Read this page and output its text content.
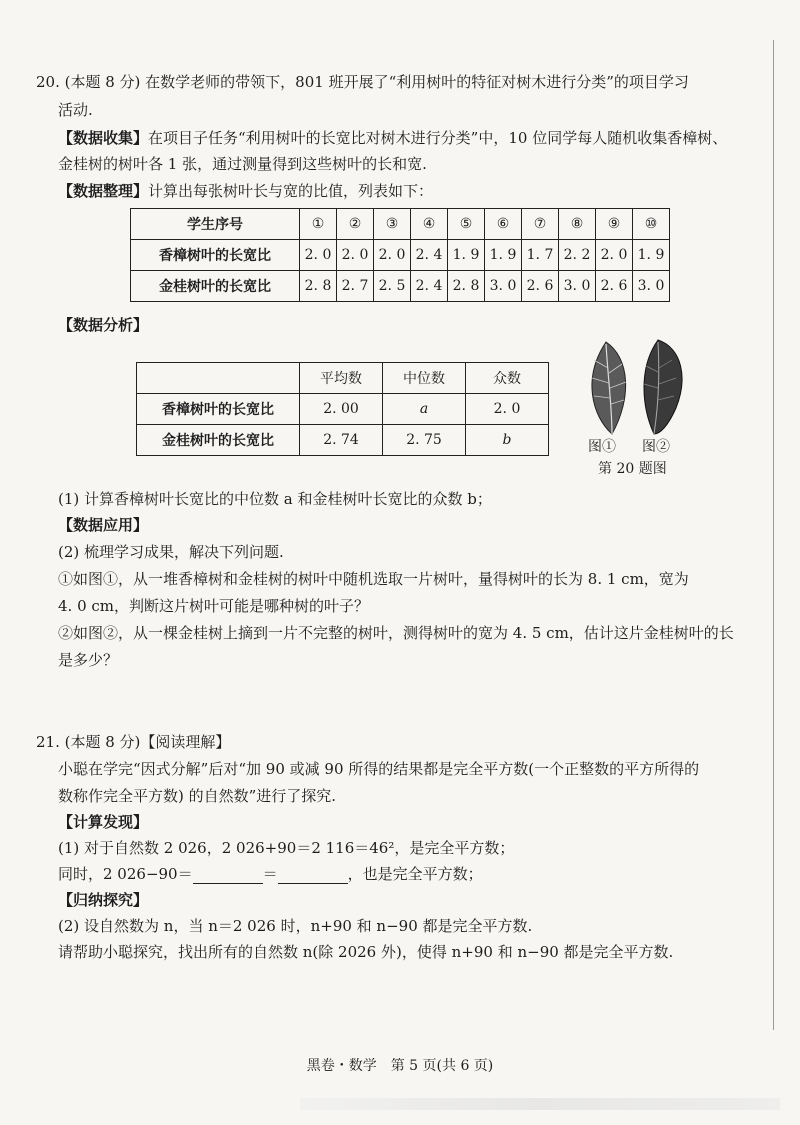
20. (本题 8 分) 在数学老师的带领下，801 班开展了“利用树叶的特征对树木进行分类”的项目学习
活动.
【数据收集】在项目子任务“利用树叶的长宽比对树木进行分类”中，10 位同学每人随机收集香樟树、
金桂树的树叶各 1 张，通过测量得到这些树叶的长和宽.
【数据整理】计算出每张树叶长与宽的比值，列表如下：
学生序号	①	②	③	④	⑤	⑥	⑦	⑧	⑨	⑩
香樟树叶的长宽比	2. 0	2. 0	2. 0	2. 4	1. 9	1. 9	1. 7	2. 2	2. 0	1. 9
金桂树叶的长宽比	2. 8	2. 7	2. 5	2. 4	2. 8	3. 0	2. 6	3. 0	2. 6	3. 0
【数据分析】
	平均数	中位数	众数
香樟树叶的长宽比	2. 00	a	2. 0
金桂树叶的长宽比	2. 74	2. 75	b	图① 图②
第 20 题图
(1) 计算香樟树叶长宽比的中位数 a 和金桂树叶长宽比的众数 b；
【数据应用】
(2) 梳理学习成果，解决下列问题.
①如图①，从一堆香樟树和金桂树的树叶中随机选取一片树叶，量得树叶的长为 8. 1 cm，宽为
4. 0 cm，判断这片树叶可能是哪种树的叶子？
②如图②，从一棵金桂树上摘到一片不完整的树叶，测得树叶的宽为 4. 5 cm，估计这片金桂树叶的长
是多少？
21. (本题 8 分)【阅读理解】
小聪在学完“因式分解”后对“加 90 或减 90 所得的结果都是完全平方数(一个正整数的平方所得的
数称作完全平方数) 的自然数”进行了探究.
【计算发现】
(1) 对于自然数 2 026，2 026+90＝2 116＝46²，是完全平方数；
同时，2 026−90＝	＝	，也是完全平方数；
【归纳探究】
(2) 设自然数为 n，当 n＝2 026 时，n+90 和 n−90 都是完全平方数.
请帮助小聪探究，找出所有的自然数 n(除 2026 外)，使得 n+90 和 n−90 都是完全平方数.
黑卷・数学　第 5 页(共 6 页)
